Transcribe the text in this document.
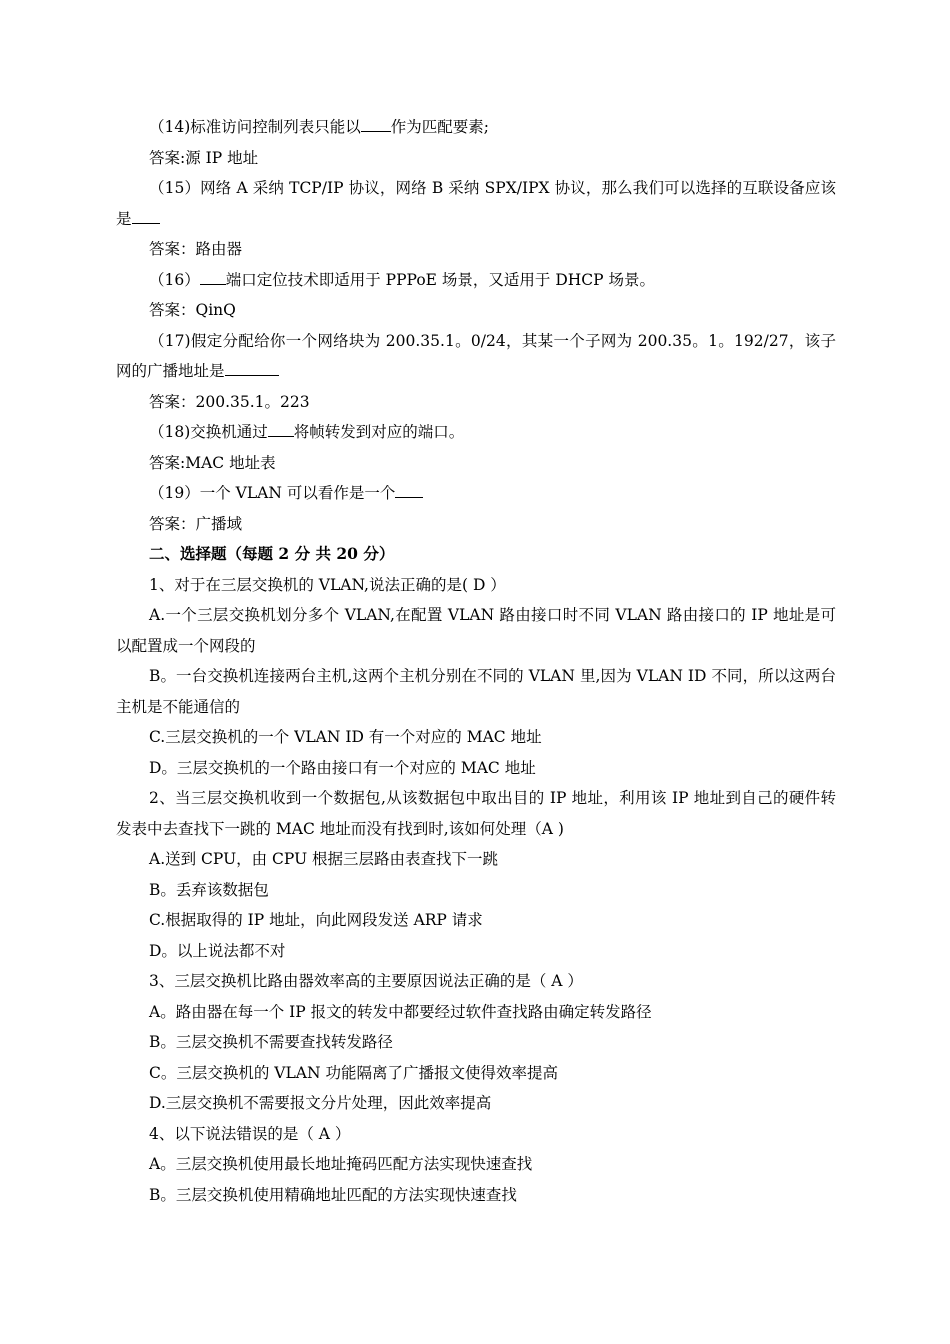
（14)标准访问控制列表只能以 作为匹配要素;
答案:源 IP 地址
（15）网络 A 采纳 TCP/IP 协议，网络 B 采纳 SPX/IPX 协议，那么我们可以选择的互联设备应该是
答案：路由器
（16） 端口定位技术即适用于 PPPoE 场景，又适用于 DHCP 场景。
答案：QinQ
（17)假定分配给你一个网络块为 200.35.1。0/24，其某一个子网为 200.35。1。192/27，该子网的广播地址是
答案：200.35.1。223
（18)交换机通过 将帧转发到对应的端口。
答案:MAC 地址表
（19）一个 VLAN 可以看作是一个
答案：广播域
二、选择题（每题 2 分 共 20 分）
1、对于在三层交换机的 VLAN,说法正确的是( D ）
A.一个三层交换机划分多个 VLAN,在配置 VLAN 路由接口时不同 VLAN 路由接口的 IP 地址是可以配置成一个网段的
B。一台交换机连接两台主机,这两个主机分别在不同的 VLAN 里,因为 VLAN ID 不同，所以这两台主机是不能通信的
C.三层交换机的一个 VLAN ID 有一个对应的 MAC 地址
D。三层交换机的一个路由接口有一个对应的 MAC 地址
2、当三层交换机收到一个数据包,从该数据包中取出目的 IP 地址，利用该 IP 地址到自己的硬件转发表中去查找下一跳的 MAC 地址而没有找到时,该如何处理（A )
A.送到 CPU，由 CPU 根据三层路由表查找下一跳
B。丢弃该数据包
C.根据取得的 IP 地址，向此网段发送 ARP 请求
D。以上说法都不对
3、三层交换机比路由器效率高的主要原因说法正确的是（ A ）
A。路由器在每一个 IP 报文的转发中都要经过软件查找路由确定转发路径
B。三层交换机不需要查找转发路径
C。三层交换机的 VLAN 功能隔离了广播报文使得效率提高
D.三层交换机不需要报文分片处理，因此效率提高
4、以下说法错误的是（ A ）
A。三层交换机使用最长地址掩码匹配方法实现快速查找
B。三层交换机使用精确地址匹配的方法实现快速查找
